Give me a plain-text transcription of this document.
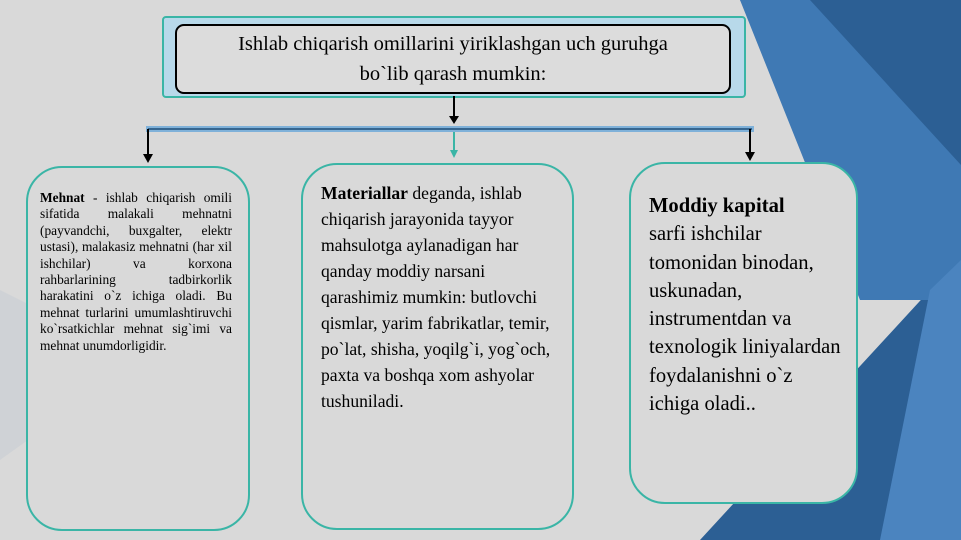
Ishlab chiqarish omillarini yiriklashgan uch guruhga
bo`lib qarash mumkin:
Mehnat - ishlab chiqarish omili sifatida malakali mehnatni (payvandchi, buxgalter, elektr ustasi), malakasiz mehnatni (har xil ishchilar) va korxona rahbarlarining tadbirkorlik harakatini o`z ichiga oladi. Bu mehnat turlarini umumlashtiruvchi ko`rsatkichlar mehnat sig`imi va mehnat unumdorligidir.
Materiallar deganda, ishlab chiqarish jarayonida tayyor mahsulotga aylanadigan har qanday moddiy narsani qarashimiz mumkin: butlovchi qismlar, yarim fabrikatlar, temir, po`lat, shisha, yoqilg`i, yog`och, paxta va boshqa xom ashyolar tushuniladi.
Moddiy kapital
sarfi ishchilar tomonidan binodan, uskunadan, instrumentdan va texnologik liniyalardan foydalanishni o`z ichiga oladi..
